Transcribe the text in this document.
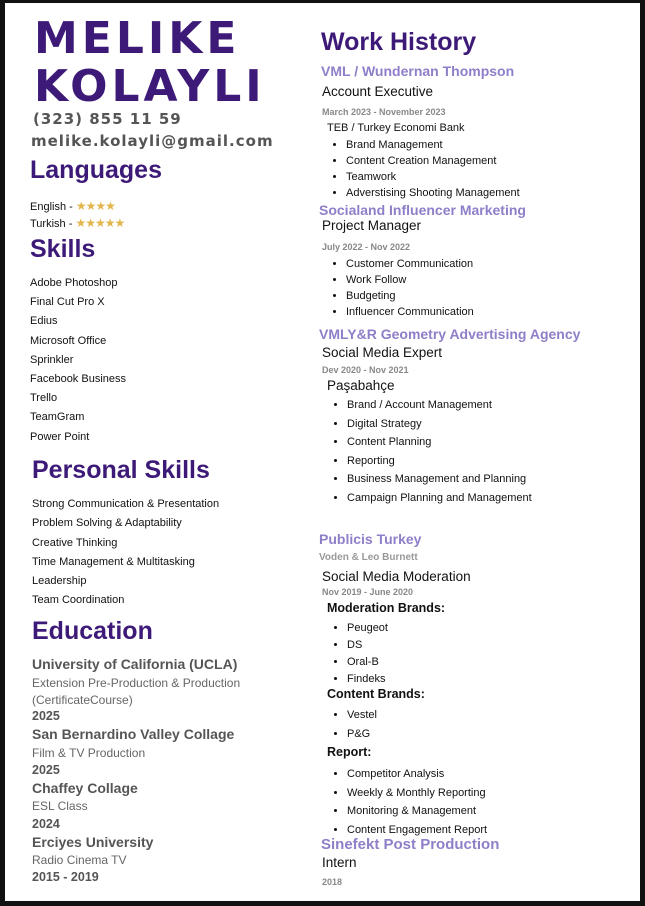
MELIKE
KOLAYLI
(323) 855 11 59
melike.kolayli@gmail.com
Languages
English - ★★★★
Turkish - ★★★★★
Skills
Adobe Photoshop
Final Cut Pro X
Edius
Microsoft Office
Sprinkler
Facebook Business
Trello
TeamGram
Power Point
Personal Skills
Strong Communication & Presentation
Problem Solving & Adaptability
Creative Thinking
Time Management & Multitasking
Leadership
Team Coordination
Education
University of California (UCLA)
Extension Pre-Production & Production
(CertificateCourse)
2025
San Bernardino Valley Collage
Film & TV Production
2025
Chaffey Collage
ESL Class
2024
Erciyes University
Radio Cinema TV
2015 - 2019
Work History
VML / Wundernan Thompson
Account Executive
March 2023 - November 2023
TEB / Turkey Economi Bank
• Brand Management
• Content Creation Management
• Teamwork
• Adverstising Shooting Management
Socialand Influencer Marketing
Project Manager
July 2022 - Nov 2022
• Customer Communication
• Work Follow
• Budgeting
• Influencer Communication
VMLY&R Geometry Advertising Agency
Social Media Expert
Dev 2020 - Nov 2021
Paşabahçe
• Brand / Account Management
• Digital Strategy
• Content Planning
• Reporting
• Business Management and Planning
• Campaign Planning and Management
Publicis Turkey
Voden & Leo Burnett
Social Media Moderation
Nov 2019 - June 2020
Moderation Brands:
• Peugeot
• DS
• Oral-B
• Findeks
Content Brands:
• Vestel
• P&G
Report:
• Competitor Analysis
• Weekly & Monthly Reporting
• Monitoring & Management
• Content Engagement Report
Sinefekt Post Production
Intern
2018
